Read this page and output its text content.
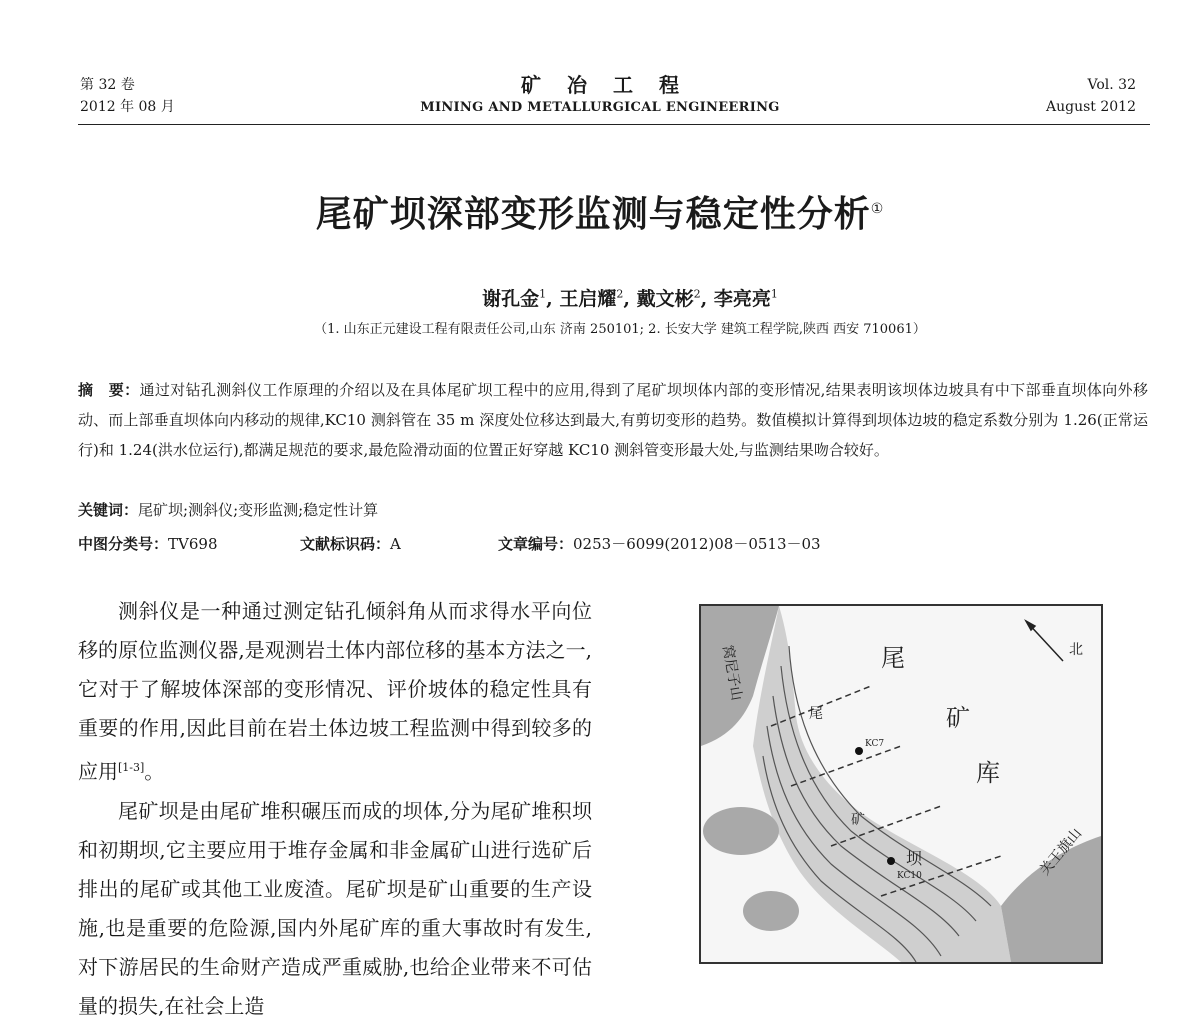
第 32 卷
2012 年 08 月
矿冶工程
MINING AND METALLURGICAL ENGINEERING
Vol. 32
August 2012
尾矿坝深部变形监测与稳定性分析①
谢孔金$^1$, 王启耀$^2$, 戴文彬$^2$, 李亮亮$^1$
（1. 山东正元建设工程有限责任公司,山东 济南 250101; 2. 长安大学 建筑工程学院,陕西 西安 710061）
摘　要：通过对钻孔测斜仪工作原理的介绍以及在具体尾矿坝工程中的应用,得到了尾矿坝坝体内部的变形情况,结果表明该坝体边坡具有中下部垂直坝体向外移动、而上部垂直坝体向内移动的规律,KC10 测斜管在 35 m 深度处位移达到最大,有剪切变形的趋势。数值模拟计算得到坝体边坡的稳定系数分别为 1.26(正常运行)和 1.24(洪水位运行),都满足规范的要求,最危险滑动面的位置正好穿越 KC10 测斜管变形最大处,与监测结果吻合较好。
关键词：尾矿坝;测斜仪;变形监测;稳定性计算
中图分类号：TV698	文献标识码：A	文章编号：0253－6099(2012)08－0513－03

测斜仪是一种通过测定钻孔倾斜角从而求得水平向位移的原位监测仪器,是观测岩土体内部位移的基本方法之一,它对于了解坡体深部的变形情况、评价坡体的稳定性具有重要的作用,因此目前在岩土体边坡工程监测中得到较多的应用[1-3]。

尾矿坝是由尾矿堆积碾压而成的坝体,分为尾矿堆积坝和初期坝,它主要应用于堆存金属和非金属矿山进行选矿后排出的尾矿或其他工业废渣。尾矿坝是矿山重要的生产设施,也是重要的危险源,国内外尾矿库的重大事故时有发生,对下游居民的生命财产造成严重威胁,也给企业带来不可估量的损失,在社会上造

窝尼子山	尾
矿
库
北
尾
矿
坝
KC7
KC10	关王旗山
